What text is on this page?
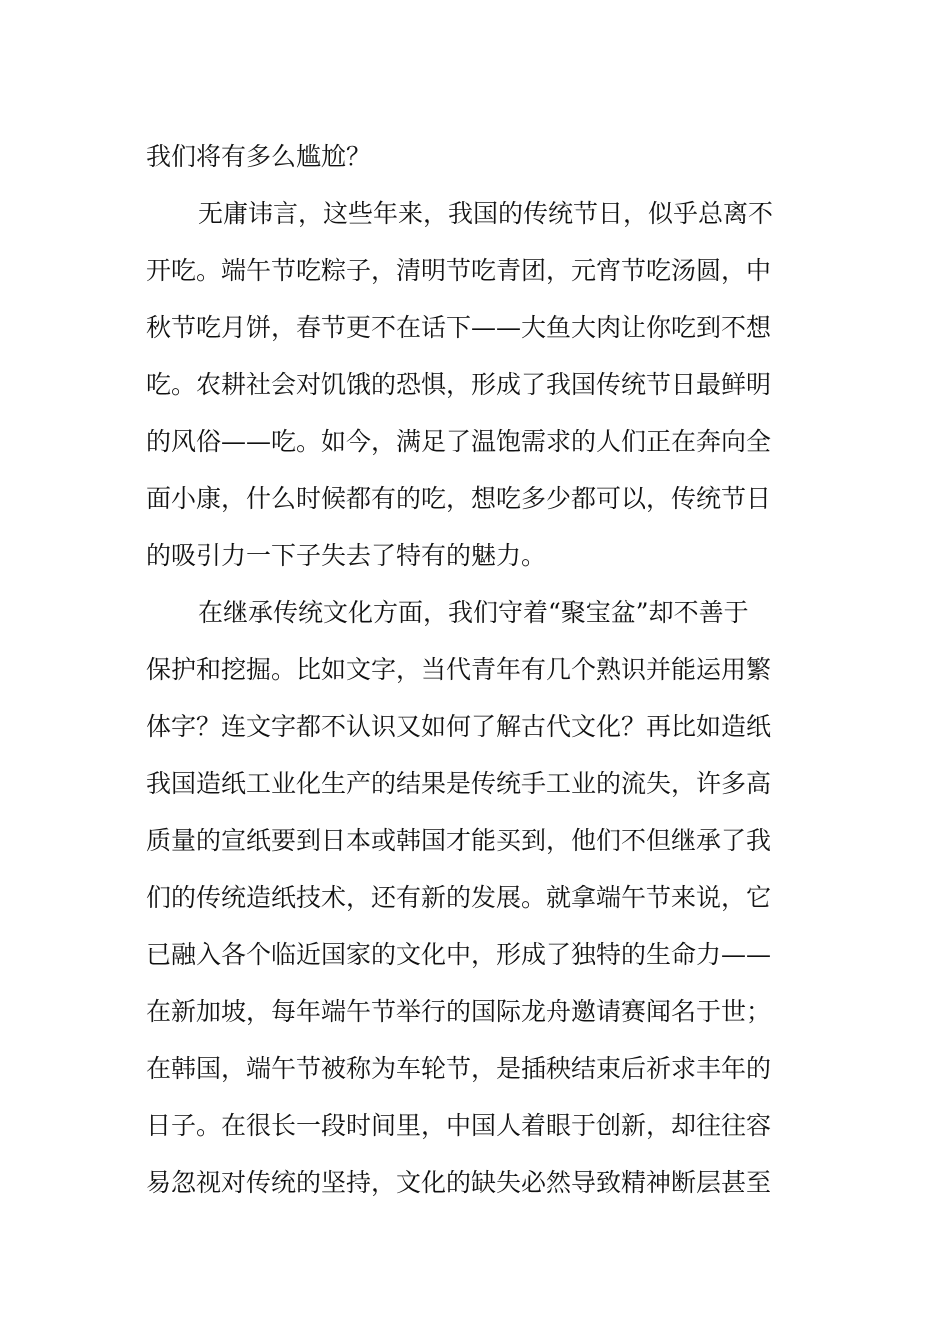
我们将有多么尴尬？
无庸讳言，这些年来，我国的传统节日，似乎总离不
开吃。端午节吃粽子，清明节吃青团，元宵节吃汤圆，中
秋节吃月饼，春节更不在话下——大鱼大肉让你吃到不想
吃。农耕社会对饥饿的恐惧，形成了我国传统节日最鲜明
的风俗——吃。如今，满足了温饱需求的人们正在奔向全
面小康，什么时候都有的吃，想吃多少都可以，传统节日
的吸引力一下子失去了特有的魅力。
在继承传统文化方面，我们守着“聚宝盆”却不善于
保护和挖掘。比如文字，当代青年有几个熟识并能运用繁
体字？连文字都不认识又如何了解古代文化？再比如造纸
我国造纸工业化生产的结果是传统手工业的流失，许多高
质量的宣纸要到日本或韩国才能买到，他们不但继承了我
们的传统造纸技术，还有新的发展。就拿端午节来说，它
已融入各个临近国家的文化中，形成了独特的生命力——
在新加坡，每年端午节举行的国际龙舟邀请赛闻名于世；
在韩国，端午节被称为车轮节，是插秧结束后祈求丰年的
日子。在很长一段时间里，中国人着眼于创新，却往往容
易忽视对传统的坚持，文化的缺失必然导致精神断层甚至
